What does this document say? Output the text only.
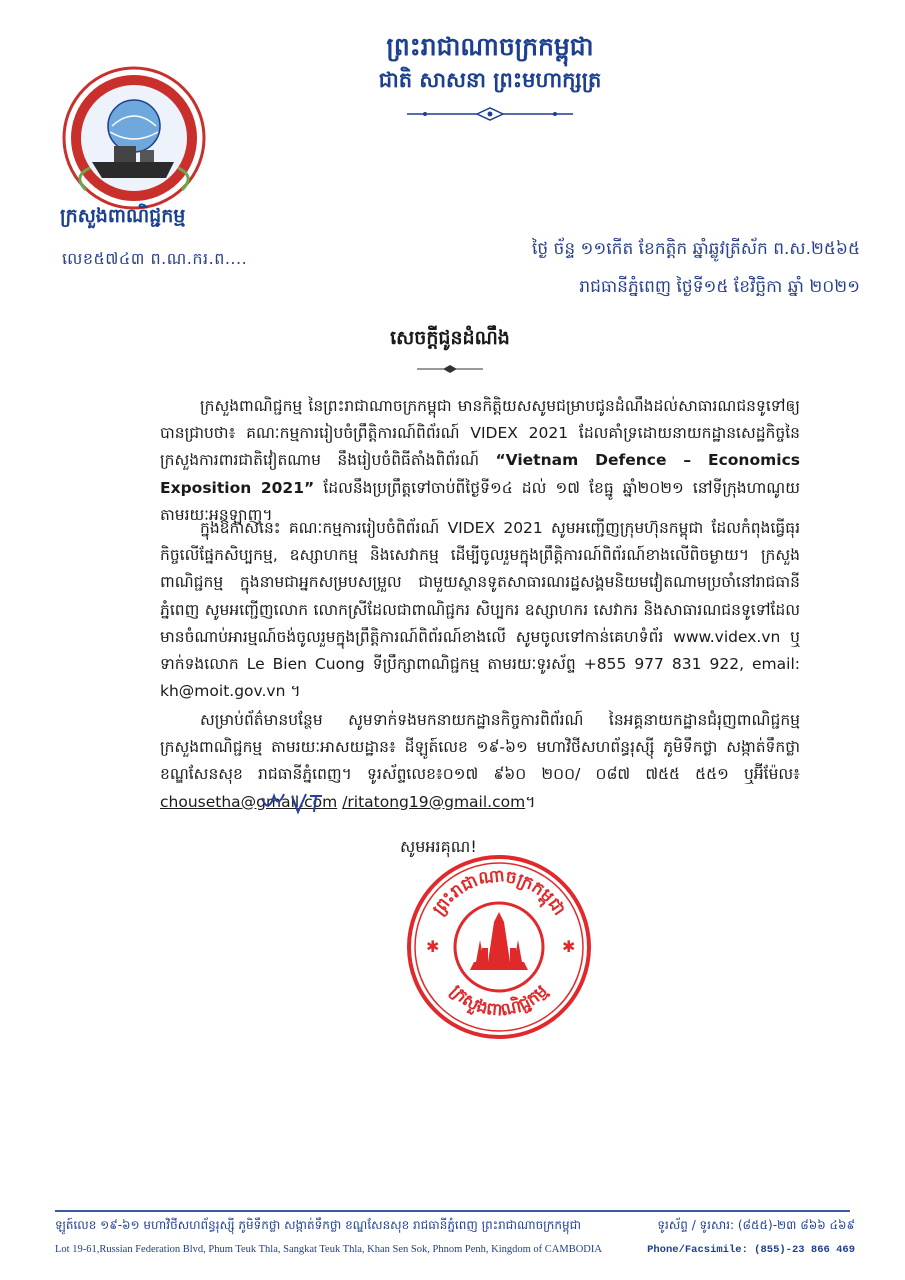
ព្រះរាជាណាចក្រកម្ពុជា
ជាតិ សាសនា ព្រះមហាក្សត្រ
ក្រសួងពាណិជ្ជកម្ម
លេខ៥៧៤៣ ព.ណ.ករ.ព....	ថ្ងៃ ច័ន្ទ ១១កើត ខែកត្តិក ឆ្នាំឆ្លូវត្រីស័ក ព.ស.២៥៦៥
រាជធានីភ្នំពេញ ថ្ងៃទី១៥ ខែវិច្ឆិកា ឆ្នាំ ២០២១
សេចក្តីជូនដំណឹង
ក្រសួងពាណិជ្ជកម្ម នៃព្រះរាជាណាចក្រកម្ពុជា មានកិត្តិយសសូមជម្រាបជូនដំណឹងដល់សាធារណជនទូទៅឲ្យបានជ្រាបថា៖ គណៈកម្មការរៀបចំព្រឹត្តិការណ៍ពិព័រណ៍ VIDEX 2021 ដែលគាំទ្រដោយនាយកដ្ឋានសេដ្ឋកិច្ចនៃក្រសួងការពារជាតិវៀតណាម នឹងរៀបចំពិធីតាំងពិព័រណ៍ “Vietnam Defence – Economics Exposition 2021” ដែលនឹងប្រព្រឹត្តទៅចាប់ពីថ្ងៃទី១៤ ដល់ ១៧ ខែធ្នូ ឆ្នាំ២០២១ នៅទីក្រុងហាណូយ តាមរយៈអនឡាញ។
ក្នុងឱកាសនេះ គណៈកម្មការរៀបចំពិព័រណ៍ VIDEX 2021 សូមអញ្ជើញក្រុមហ៊ុនកម្ពុជា ដែលកំពុងធ្វើធុរកិច្ចលើផ្នែកសិប្បកម្ម, ឧស្សាហកម្ម និងសេវាកម្ម ដើម្បីចូលរួមក្នុងព្រឹត្តិការណ៍ពិព័រណ៍ខាងលើពិចម្ងាយ។ ក្រសួងពាណិជ្ជកម្ម ក្នុងនាមជាអ្នកសម្របសម្រួល ជាមួយស្ថានទូតសាធារណរដ្ឋសង្គមនិយមវៀតណាមប្រចាំនៅរាជធានីភ្នំពេញ សូមអញ្ជើញលោក លោកស្រីដែលជាពាណិជ្ជករ សិប្បករ ឧស្សាហករ សេវាករ និងសាធារណជនទូទៅដែលមានចំណាប់អារម្មណ៍ចង់ចូលរួមក្នុងព្រឹត្តិការណ៍ពិព័រណ៍ខាងលើ សូមចូលទៅកាន់គេហទំព័រ www.videx.vn ឬ ទាក់ទងលោក Le Bien Cuong ទីប្រឹក្សាពាណិជ្ជកម្ម តាមរយៈទូរស័ព្ទ +855 977 831 922, email: kh@moit.gov.vn ។
សម្រាប់ព័ត៌មានបន្ថែម សូមទាក់ទងមកនាយកដ្ឋានកិច្ចការពិព័រណ៍ នៃអគ្គនាយកដ្ឋានជំរុញពាណិជ្ជកម្ម ក្រសួងពាណិជ្ជកម្ម តាមរយៈអាសយដ្ឋាន៖ ដីឡូត៍លេខ ១៩-៦១ មហាវិថីសហព័ន្ធរុស្ស៊ី ភូមិទឹកថ្លា សង្កាត់ទឹកថ្លា ខណ្ឌសែនសុខ រាជធានីភ្នំពេញ។ ទូរស័ព្ទលេខ៖០១៧ ៩៦០ ២០០/ ០៨៧ ៧៥៥ ៥៥១ ឬអ៊ីម៉ែល៖ chousetha@gmail.com /ritatong19@gmail.com។
សូមអរគុណ!
ព្រះរាជាណាចក្រកម្ពុជា
ក្រសួងពាណិជ្ជកម្ម
✱	✱
ឡូត៍លេខ ១៩-៦១ មហាវិថីសហព័ន្ធរុស្ស៊ី ភូមិទឹកថ្លា សង្កាត់ទឹកថ្លា ខណ្ឌសែនសុខ រាជធានីភ្នំពេញ ព្រះរាជាណាចក្រកម្ពុជា	ទូរស័ព្ទ / ទូរសារ: (៨៥៥)-២៣ ៨៦៦ ៤៦៩
Lot 19-61,Russian Federation Blvd, Phum Teuk Thla, Sangkat Teuk Thla, Khan Sen Sok, Phnom Penh, Kingdom of CAMBODIA	Phone/Facsimile: (855)-23 866 469
